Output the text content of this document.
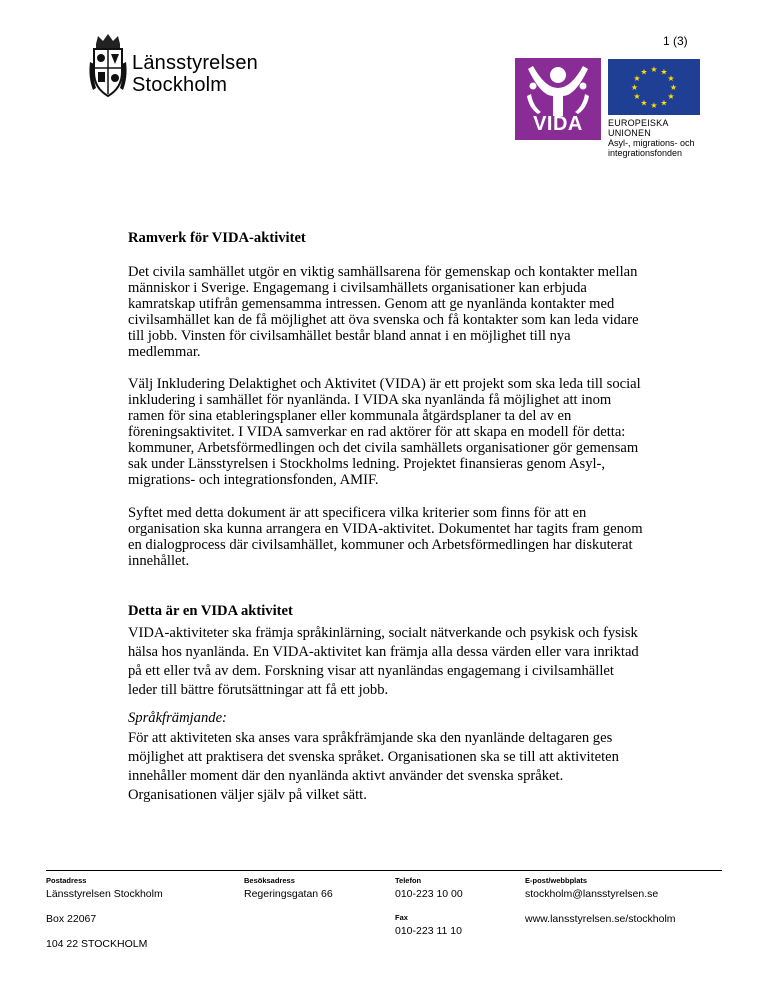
1 (3)
Länsstyrelsen
Stockholm
VIDA
★ ★
★
★
★
★
★
★
★
★
★
★
EUROPEISKA UNIONEN
Asyl-, migrations- och
integrationsfonden
Ramverk för VIDA-aktivitet
Det civila samhället utgör en viktig samhällsarena för gemenskap och kontakter mellan människor i Sverige. Engagemang i civilsamhällets organisationer kan erbjuda kamratskap utifrån gemensamma intressen. Genom att ge nyanlända kontakter med civilsamhället kan de få möjlighet att öva svenska och få kontakter som kan leda vidare till jobb. Vinsten för civilsamhället består bland annat i en möjlighet till nya medlemmar.
Välj Inkludering Delaktighet och Aktivitet (VIDA) är ett projekt som ska leda till social inkludering i samhället för nyanlända. I VIDA ska nyanlända få möjlighet att inom ramen för sina etableringsplaner eller kommunala åtgärdsplaner ta del av en föreningsaktivitet. I VIDA samverkar en rad aktörer för att skapa en modell för detta: kommuner, Arbetsförmedlingen och det civila samhällets organisationer gör gemensam sak under Länsstyrelsen i Stockholms ledning. Projektet finansieras genom Asyl-, migrations- och integrationsfonden, AMIF.
Syftet med detta dokument är att specificera vilka kriterier som finns för att en organisation ska kunna arrangera en VIDA-aktivitet. Dokumentet har tagits fram genom en dialogprocess där civilsamhället, kommuner och Arbetsförmedlingen har diskuterat innehållet.
Detta är en VIDA aktivitet
VIDA-aktiviteter ska främja språkinlärning, socialt nätverkande och psykisk och fysisk hälsa hos nyanlända. En VIDA-aktivitet kan främja alla dessa värden eller vara inriktad på ett eller två av dem. Forskning visar att nyanländas engagemang i civilsamhället leder till bättre förutsättningar att få ett jobb.
Språkfrämjande:
För att aktiviteten ska anses vara språkfrämjande ska den nyanlände deltagaren ges möjlighet att praktisera det svenska språket. Organisationen ska se till att aktiviteten innehåller moment där den nyanlända aktivt använder det svenska språket. Organisationen väljer själv på vilket sätt.
Postadress
Länsstyrelsen Stockholm
Box 22067
104 22 STOCKHOLM
Besöksadress
Regeringsgatan 66
Telefon
010-223 10 00
Fax
010-223 11 10
E-post/webbplats
stockholm@lansstyrelsen.se
www.lansstyrelsen.se/stockholm
